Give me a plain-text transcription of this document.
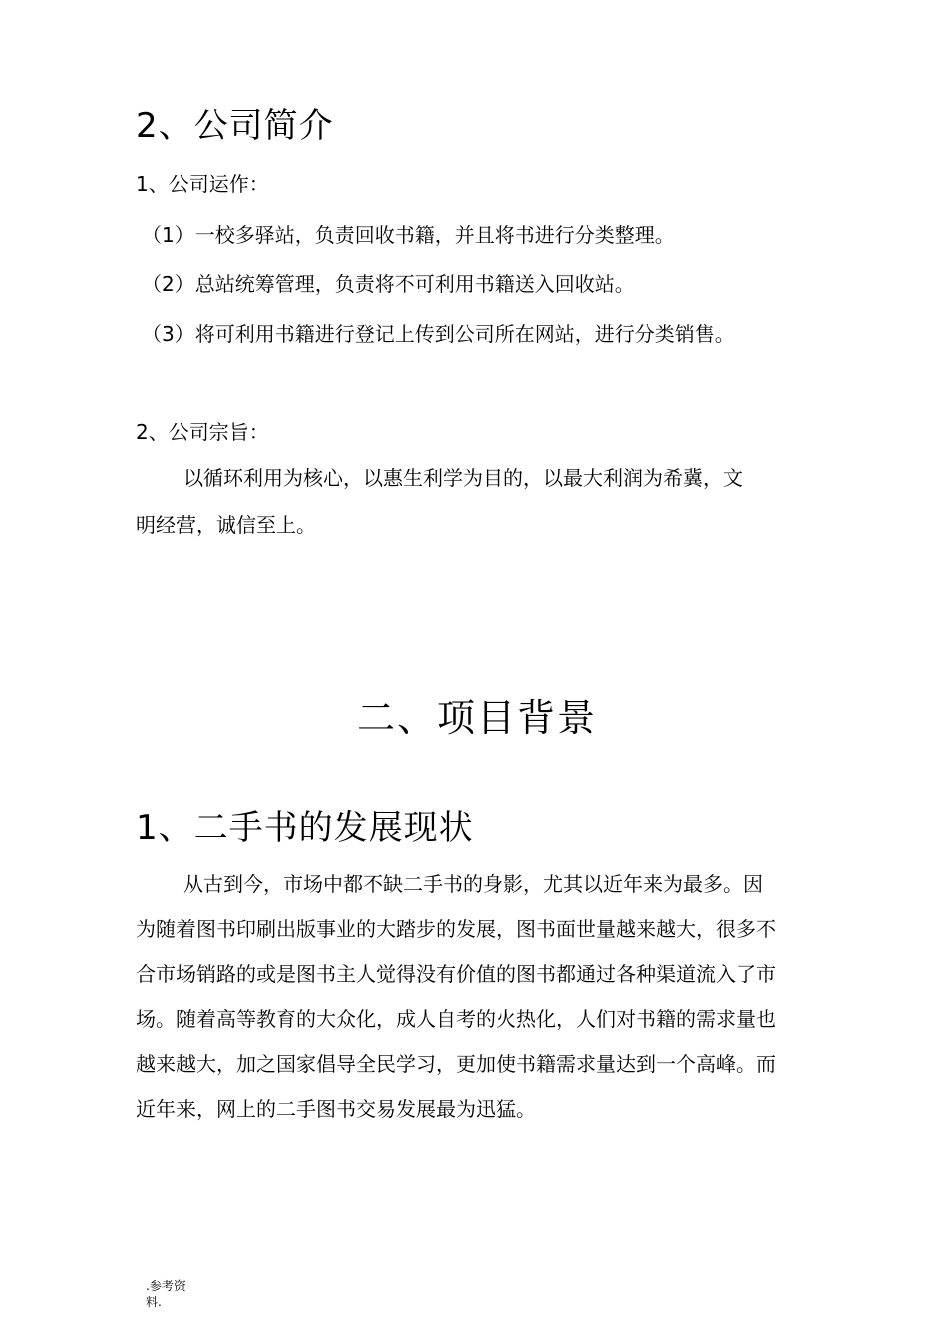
2、公司简介

1、公司运作：

（1）一校多驿站，负责回收书籍，并且将书进行分类整理。

（2）总站统筹管理，负责将不可利用书籍送入回收站。

（3）将可利用书籍进行登记上传到公司所在网站，进行分类销售。

2、公司宗旨：

以循环利用为核心，以惠生利学为目的，以最大利润为希冀，文

明经营，诚信至上。

二、项目背景
1、二手书的发展现状

从古到今，市场中都不缺二手书的身影，尤其以近年来为最多。因

为随着图书印刷出版事业的大踏步的发展，图书面世量越来越大，很多不

合市场销路的或是图书主人觉得没有价值的图书都通过各种渠道流入了市

场。随着高等教育的大众化，成人自考的火热化，人们对书籍的需求量也

越来越大，加之国家倡导全民学习，更加使书籍需求量达到一个高峰。而

近年来，网上的二手图书交易发展最为迅猛。

.参考资
料.
